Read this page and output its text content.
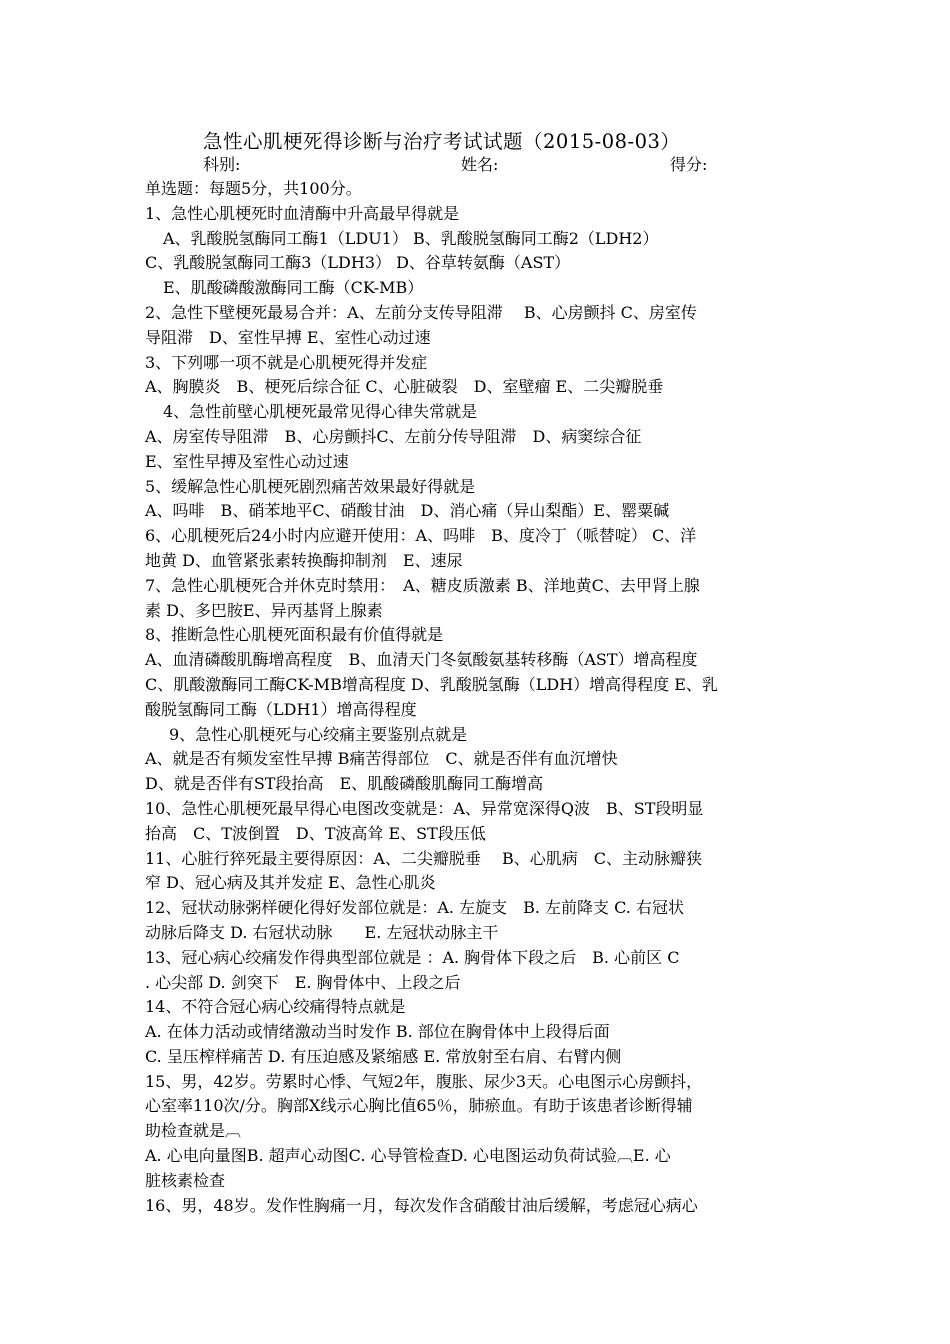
急性心肌梗死得诊断与治疗考试试题（2015-08-03）
科别:	姓名:	得分:
单选题：每题5分，共100分。
1、急性心肌梗死时血清酶中升高最早得就是
A、乳酸脱氢酶同工酶1（LDU1） B、乳酸脱氢酶同工酶2（LDH2）
C、乳酸脱氢酶同工酶3（LDH3） D、谷草转氨酶（AST）
E、肌酸磷酸激酶同工酶（CK-MB）
2、急性下壁梗死最易合并：A、左前分支传导阻滞　 B、心房颤抖 C、房室传
导阻滞　D、室性早搏 E、室性心动过速
3、下列哪一项不就是心肌梗死得并发症
A、胸膜炎　B、梗死后综合征 C、心脏破裂　D、室壁瘤 E、二尖瓣脱垂
4、急性前壁心肌梗死最常见得心律失常就是
A、房室传导阻滞　B、心房颤抖C、左前分传导阻滞　D、病窦综合征
E、室性早搏及室性心动过速
5、缓解急性心肌梗死剧烈痛苦效果最好得就是
A、吗啡　B、硝苯地平C、硝酸甘油　D、消心痛（异山梨酯）E、罂粟碱
6、心肌梗死后24小时内应避开使用：A、吗啡　B、度冷丁（哌替啶） C、洋
地黄 D、血管紧张素转换酶抑制剂　E、速尿
7、急性心肌梗死合并休克时禁用：　A、糖皮质激素 B、洋地黄C、去甲肾上腺
素 D、多巴胺E、异丙基肾上腺素
8、推断急性心肌梗死面积最有价值得就是
A、血清磷酸肌酶增高程度　B、血清天门冬氨酸氨基转移酶（AST）增高程度
C、肌酸激酶同工酶CK-MB增高程度 D、乳酸脱氢酶（LDH）增高得程度 E、乳
酸脱氢酶同工酶（LDH1）增高得程度
9、急性心肌梗死与心绞痛主要鉴别点就是
A、就是否有频发室性早搏 B痛苦得部位　C、就是否伴有血沉增快
D、就是否伴有ST段抬高　E、肌酸磷酸肌酶同工酶增高
10、急性心肌梗死最早得心电图改变就是：A、异常宽深得Q波　B、ST段明显
抬高　C、T波倒置　D、T波高耸 E、ST段压低
11、心脏行猝死最主要得原因：A、二尖瓣脱垂　 B、心肌病　C、主动脉瓣狭
窄 D、冠心病及其并发症 E、急性心肌炎
12、冠状动脉粥样硬化得好发部位就是：A. 左旋支　B. 左前降支 C. 右冠状
动脉后降支 D. 右冠状动脉　　E. 左冠状动脉主干
13、冠心病心绞痛发作得典型部位就是 ：A. 胸骨体下段之后　B. 心前区 C
. 心尖部 D. 剑突下　E. 胸骨体中、上段之后
14、不符合冠心病心绞痛得特点就是
A. 在体力活动或情绪激动当时发作 B. 部位在胸骨体中上段得后面
C. 呈压榨样痛苦 D. 有压迫感及紧缩感 E. 常放射至右肩、右臂内侧
15、男，42岁。劳累时心悸、气短2年，腹胀、尿少3天。心电图示心房颤抖，
心室率110次/分。胸部X线示心胸比值65％，肺瘀血。有助于该患者诊断得辅
助检查就是︹
A. 心电向量图B. 超声心动图C. 心导管检查D. 心电图运动负荷试验︹E. 心
脏核素检查
16、男，48岁。发作性胸痛一月，每次发作含硝酸甘油后缓解，考虑冠心病心
